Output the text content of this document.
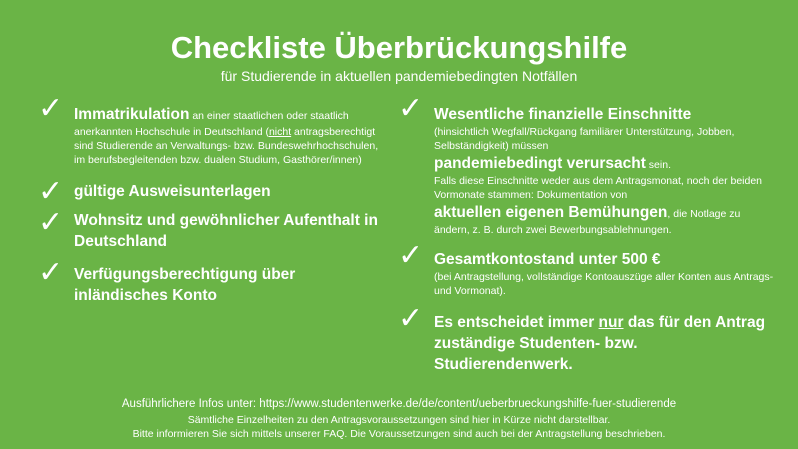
Checkliste Überbrückungshilfe
für Studierende in aktuellen pandemiebedingten Notfällen
✓ Immatrikulation an einer staatlichen oder staatlich anerkannten Hochschule in Deutschland (nicht antragsberechtigt sind Studierende an Verwaltungs- bzw. Bundeswehrhochschulen, im berufsbegleitenden bzw. dualen Studium, Gasthörer/innen)
✓ gültige Ausweisunterlagen
✓ Wohnsitz und gewöhnlicher Aufenthalt in Deutschland
✓ Verfügungsberechtigung über inländisches Konto
✓ Wesentliche finanzielle Einschnitte
(hinsichtlich Wegfall/Rückgang familiärer Unterstützung, Jobben, Selbständigkeit) müssen
pandemiebedingt verursacht sein.
Falls diese Einschnitte weder aus dem Antragsmonat, noch der beiden Vormonate stammen: Dokumentation von
aktuellen eigenen Bemühungen, die Notlage zu ändern, z. B. durch zwei Bewerbungsablehnungen.
✓ Gesamtkontostand unter 500 €
(bei Antragstellung, vollständige Kontoauszüge aller Konten aus Antrags- und Vormonat).
✓ Es entscheidet immer nur das für den Antrag zuständige Studenten- bzw. Studierendenwerk.
Ausführlichere Infos unter: https://www.studentenwerke.de/de/content/ueberbrueckungshilfe-fuer-studierende
Sämtliche Einzelheiten zu den Antragsvoraussetzungen sind hier in Kürze nicht darstellbar.
Bitte informieren Sie sich mittels unserer FAQ. Die Voraussetzungen sind auch bei der Antragstellung beschrieben.
